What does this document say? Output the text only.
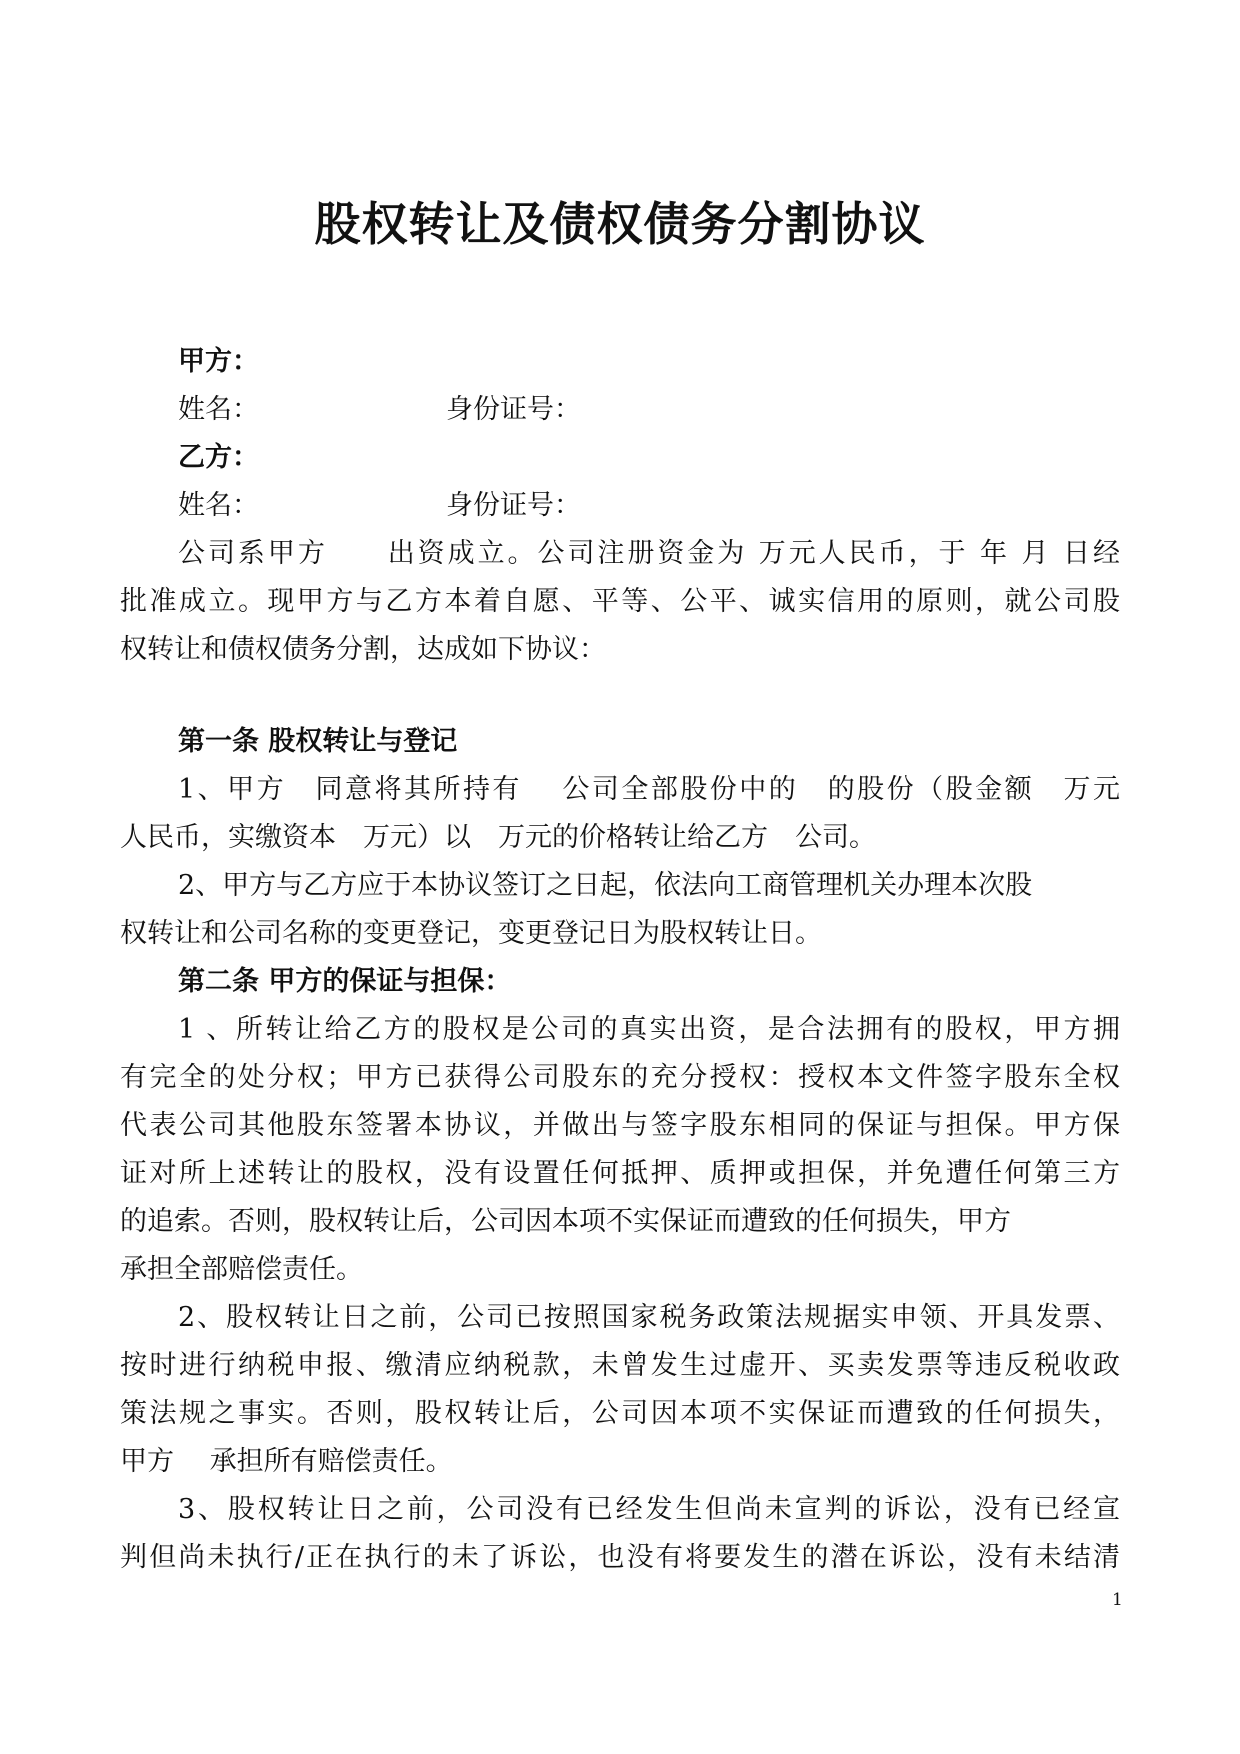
股权转让及债权债务分割协议
甲方：
姓名：	身份证号：
乙方：
姓名：	身份证号：
公司系甲方　　出资成立。公司注册资金为 万元人民币，于 年 月 日经
批准成立。现甲方与乙方本着自愿、平等、公平、诚实信用的原则，就公司股
权转让和债权债务分割，达成如下协议：
第一条 股权转让与登记
1、甲方　同意将其所持有　 公司全部股份中的　的股份（股金额　万元
人民币，实缴资本　万元）以　万元的价格转让给乙方　公司。
2、甲方与乙方应于本协议签订之日起，依法向工商管理机关办理本次股
权转让和公司名称的变更登记，变更登记日为股权转让日。
第二条 甲方的保证与担保：
1 、所转让给乙方的股权是公司的真实出资，是合法拥有的股权，甲方拥
有完全的处分权；甲方已获得公司股东的充分授权：授权本文件签字股东全权
代表公司其他股东签署本协议，并做出与签字股东相同的保证与担保。甲方保
证对所上述转让的股权，没有设置任何抵押、质押或担保，并免遭任何第三方
的追索。否则，股权转让后，公司因本项不实保证而遭致的任何损失，甲方
承担全部赔偿责任。
2、股权转让日之前，公司已按照国家税务政策法规据实申领、开具发票、
按时进行纳税申报、缴清应纳税款，未曾发生过虚开、买卖发票等违反税收政
策法规之事实。否则，股权转让后，公司因本项不实保证而遭致的任何损失，
甲方　 承担所有赔偿责任。
3、股权转让日之前，公司没有已经发生但尚未宣判的诉讼，没有已经宣
判但尚未执行/正在执行的未了诉讼，也没有将要发生的潜在诉讼，没有未结清
1
